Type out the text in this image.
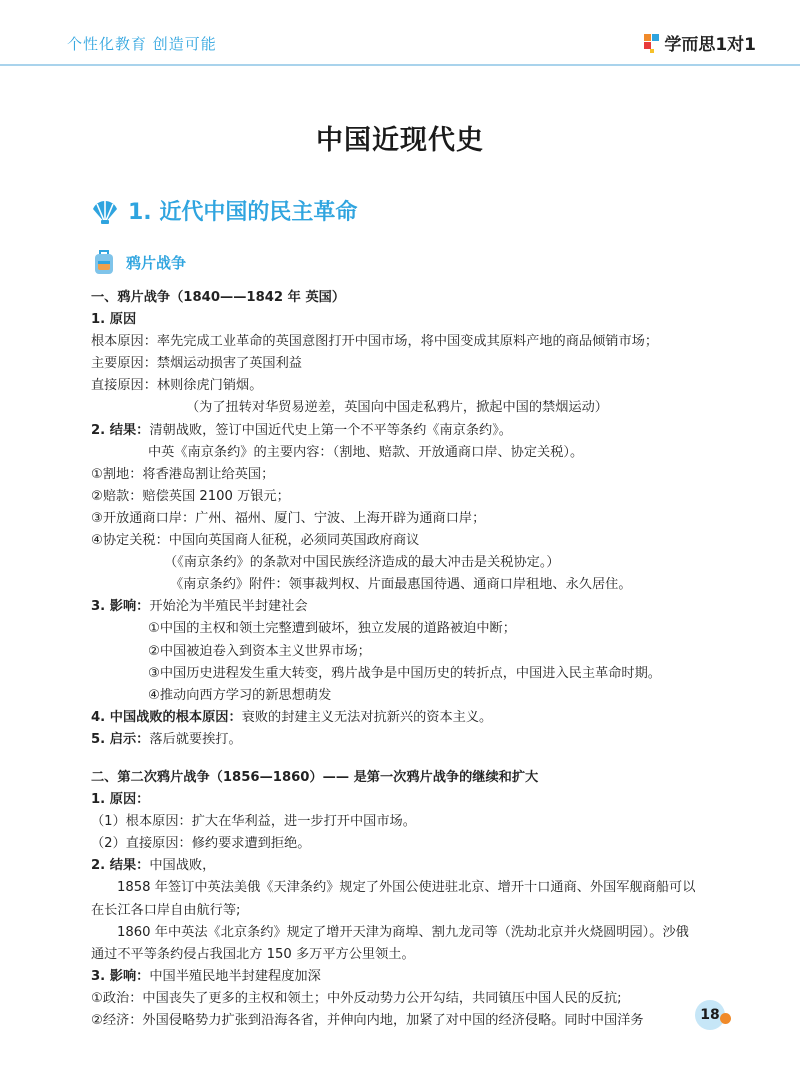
个性化教育 创造可能	学而思1对1
中国近现代史
1. 近代中国的民主革命
鸦片战争
一、鸦片战争（1840——1842 年 英国）
1. 原因
根本原因：率先完成工业革命的英国意图打开中国市场，将中国变成其原料产地的商品倾销市场；
主要原因：禁烟运动损害了英国利益
直接原因：林则徐虎门销烟。
（为了扭转对华贸易逆差，英国向中国走私鸦片，掀起中国的禁烟运动）
2. 结果：清朝战败，签订中国近代史上第一个不平等条约《南京条约》。
中英《南京条约》的主要内容：（割地、赔款、开放通商口岸、协定关税）。
①割地：将香港岛割让给英国；
②赔款：赔偿英国 2100 万银元；
③开放通商口岸：广州、福州、厦门、宁波、上海开辟为通商口岸；
④协定关税：中国向英国商人征税，必须同英国政府商议
（《南京条约》的条款对中国民族经济造成的最大冲击是关税协定。）
《南京条约》附件：领事裁判权、片面最惠国待遇、通商口岸租地、永久居住。
3. 影响：开始沦为半殖民半封建社会
①中国的主权和领土完整遭到破坏，独立发展的道路被迫中断；
②中国被迫卷入到资本主义世界市场；
③中国历史进程发生重大转变，鸦片战争是中国历史的转折点，中国进入民主革命时期。
④推动向西方学习的新思想萌发
4. 中国战败的根本原因：衰败的封建主义无法对抗新兴的资本主义。
5. 启示：落后就要挨打。
二、第二次鸦片战争（1856—1860）—— 是第一次鸦片战争的继续和扩大
1. 原因：
（1）根本原因：扩大在华利益，进一步打开中国市场。
（2）直接原因：修约要求遭到拒绝。
2. 结果：中国战败，
1858 年签订中英法美俄《天津条约》规定了外国公使进驻北京、增开十口通商、外国军舰商船可以
在长江各口岸自由航行等;
1860 年中英法《北京条约》规定了增开天津为商埠、割九龙司等（洗劫北京并火烧圆明园）。沙俄
通过不平等条约侵占我国北方 150 多万平方公里领土。
3. 影响：中国半殖民地半封建程度加深
①政治：中国丧失了更多的主权和领土；中外反动势力公开勾结，共同镇压中国人民的反抗;
②经济：外国侵略势力扩张到沿海各省，并伸向内地，加紧了对中国的经济侵略。同时中国洋务	18
